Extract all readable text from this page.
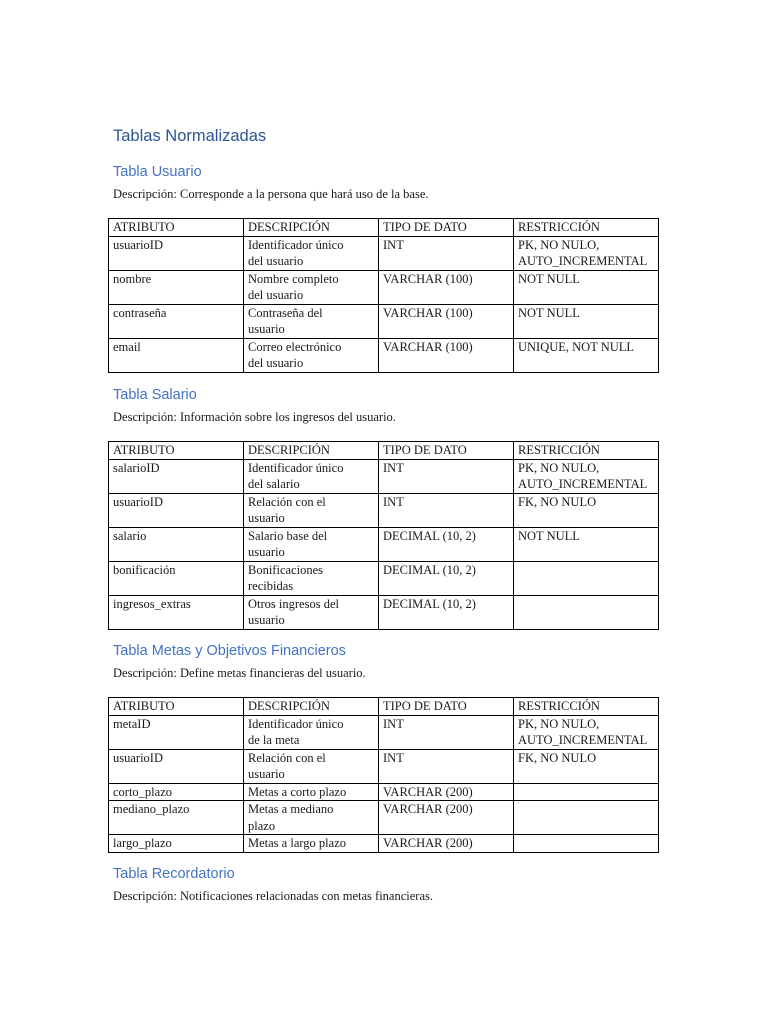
Tablas Normalizadas
Tabla Usuario

Descripción: Corresponde a la persona que hará uso de la base.

ATRIBUTO	DESCRIPCIÓN	TIPO DE DATO	RESTRICCIÓN

usuarioID	Identificador único
del usuario	INT	PK, NO NULO,
AUTO_INCREMENTAL

nombre	Nombre completo
del usuario	VARCHAR (100)	NOT NULL

contraseña	Contraseña del
usuario	VARCHAR (100)	NOT NULL

email	Correo electrónico
del usuario	VARCHAR (100)	UNIQUE, NOT NULL
Tabla Salario

Descripción: Información sobre los ingresos del usuario.

ATRIBUTO	DESCRIPCIÓN	TIPO DE DATO	RESTRICCIÓN

salarioID	Identificador único
del salario	INT	PK, NO NULO,
AUTO_INCREMENTAL

usuarioID	Relación con el
usuario	INT	FK, NO NULO

salario	Salario base del
usuario	DECIMAL (10, 2)	NOT NULL

bonificación	Bonificaciones
recibidas	DECIMAL (10, 2)	

ingresos_extras	Otros ingresos del
usuario	DECIMAL (10, 2)	

Tabla Metas y Objetivos Financieros

Descripción: Define metas financieras del usuario.

ATRIBUTO	DESCRIPCIÓN	TIPO DE DATO	RESTRICCIÓN

metaID	Identificador único
de la meta	INT	PK, NO NULO,
AUTO_INCREMENTAL

usuarioID	Relación con el
usuario	INT	FK, NO NULO

corto_plazo	Metas a corto plazo	VARCHAR (200)	

mediano_plazo	Metas a mediano
plazo	VARCHAR (200)	

largo_plazo	Metas a largo plazo	VARCHAR (200)	

Tabla Recordatorio

Descripción: Notificaciones relacionadas con metas financieras.
